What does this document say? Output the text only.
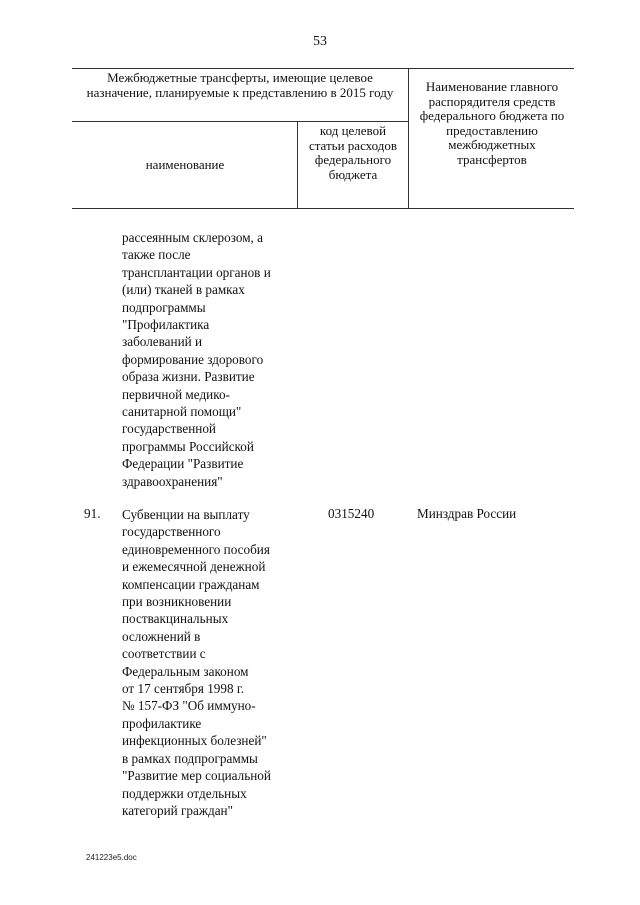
53
Межбюджетные трансферты, имеющие целевое назначение, планируемые к представлению в 2015 году
наименование
код целевой статьи расходов федерального бюджета
Наименование главного распорядителя средств федерального бюджета по предоставлению межбюджетных трансфертов
рассеянным склерозом, а
также после
трансплантации органов и
(или) тканей в рамках
подпрограммы
"Профилактика
заболеваний и
формирование здорового
образа жизни. Развитие
первичной медико-
санитарной помощи"
государственной
программы Российской
Федерации "Развитие
здравоохранения"
91. Субвенции на выплату
государственного
единовременного пособия
и ежемесячной денежной
компенсации гражданам
при возникновении
поствакцинальных
осложнений в
соответствии с
Федеральным законом
от 17 сентября 1998 г.
№ 157-ФЗ "Об иммуно-
профилактике
инфекционных болезней"
в рамках подпрограммы
"Развитие мер социальной
поддержки отдельных
категорий граждан"
0315240	Минздрав России
241223e5.doc
